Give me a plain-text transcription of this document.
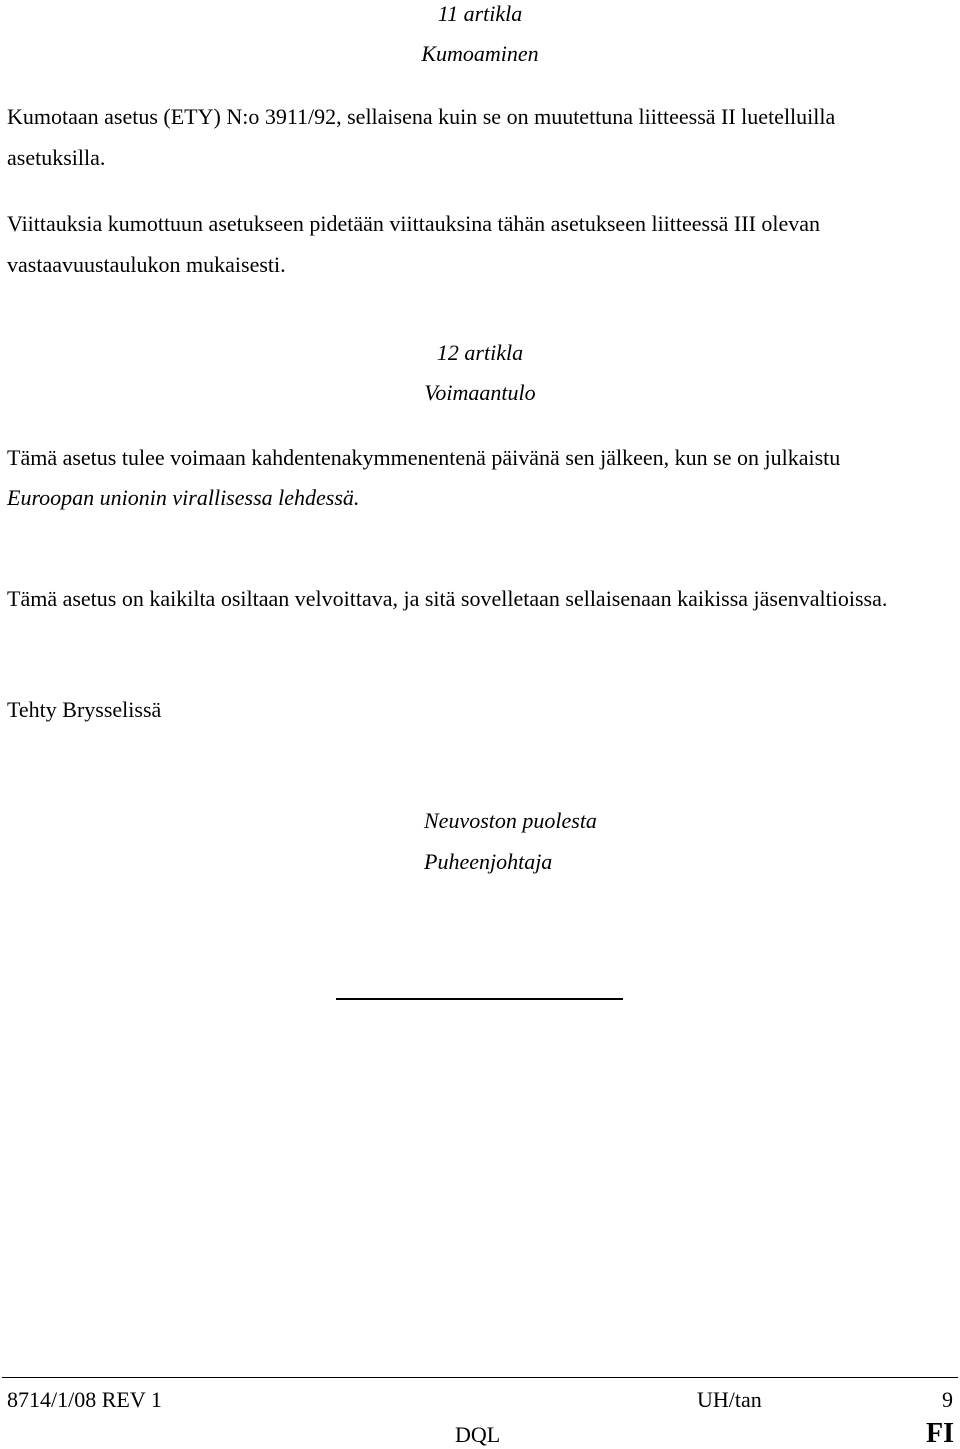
11 artikla
Kumoaminen
Kumotaan asetus (ETY) N:o 3911/92, sellaisena kuin se on muutettuna liitteessä II luetelluilla
asetuksilla.
Viittauksia kumottuun asetukseen pidetään viittauksina tähän asetukseen liitteessä III olevan
vastaavuustaulukon mukaisesti.
12 artikla
Voimaantulo
Tämä asetus tulee voimaan kahdentenakymmenentenä päivänä sen jälkeen, kun se on julkaistu
Euroopan unionin virallisessa lehdessä.
Tämä asetus on kaikilta osiltaan velvoittava, ja sitä sovelletaan sellaisenaan kaikissa jäsenvaltioissa.
Tehty Brysselissä
Neuvoston puolesta
Puheenjohtaja
8714/1/08 REV 1	UH/tan	9
DQL	FI
